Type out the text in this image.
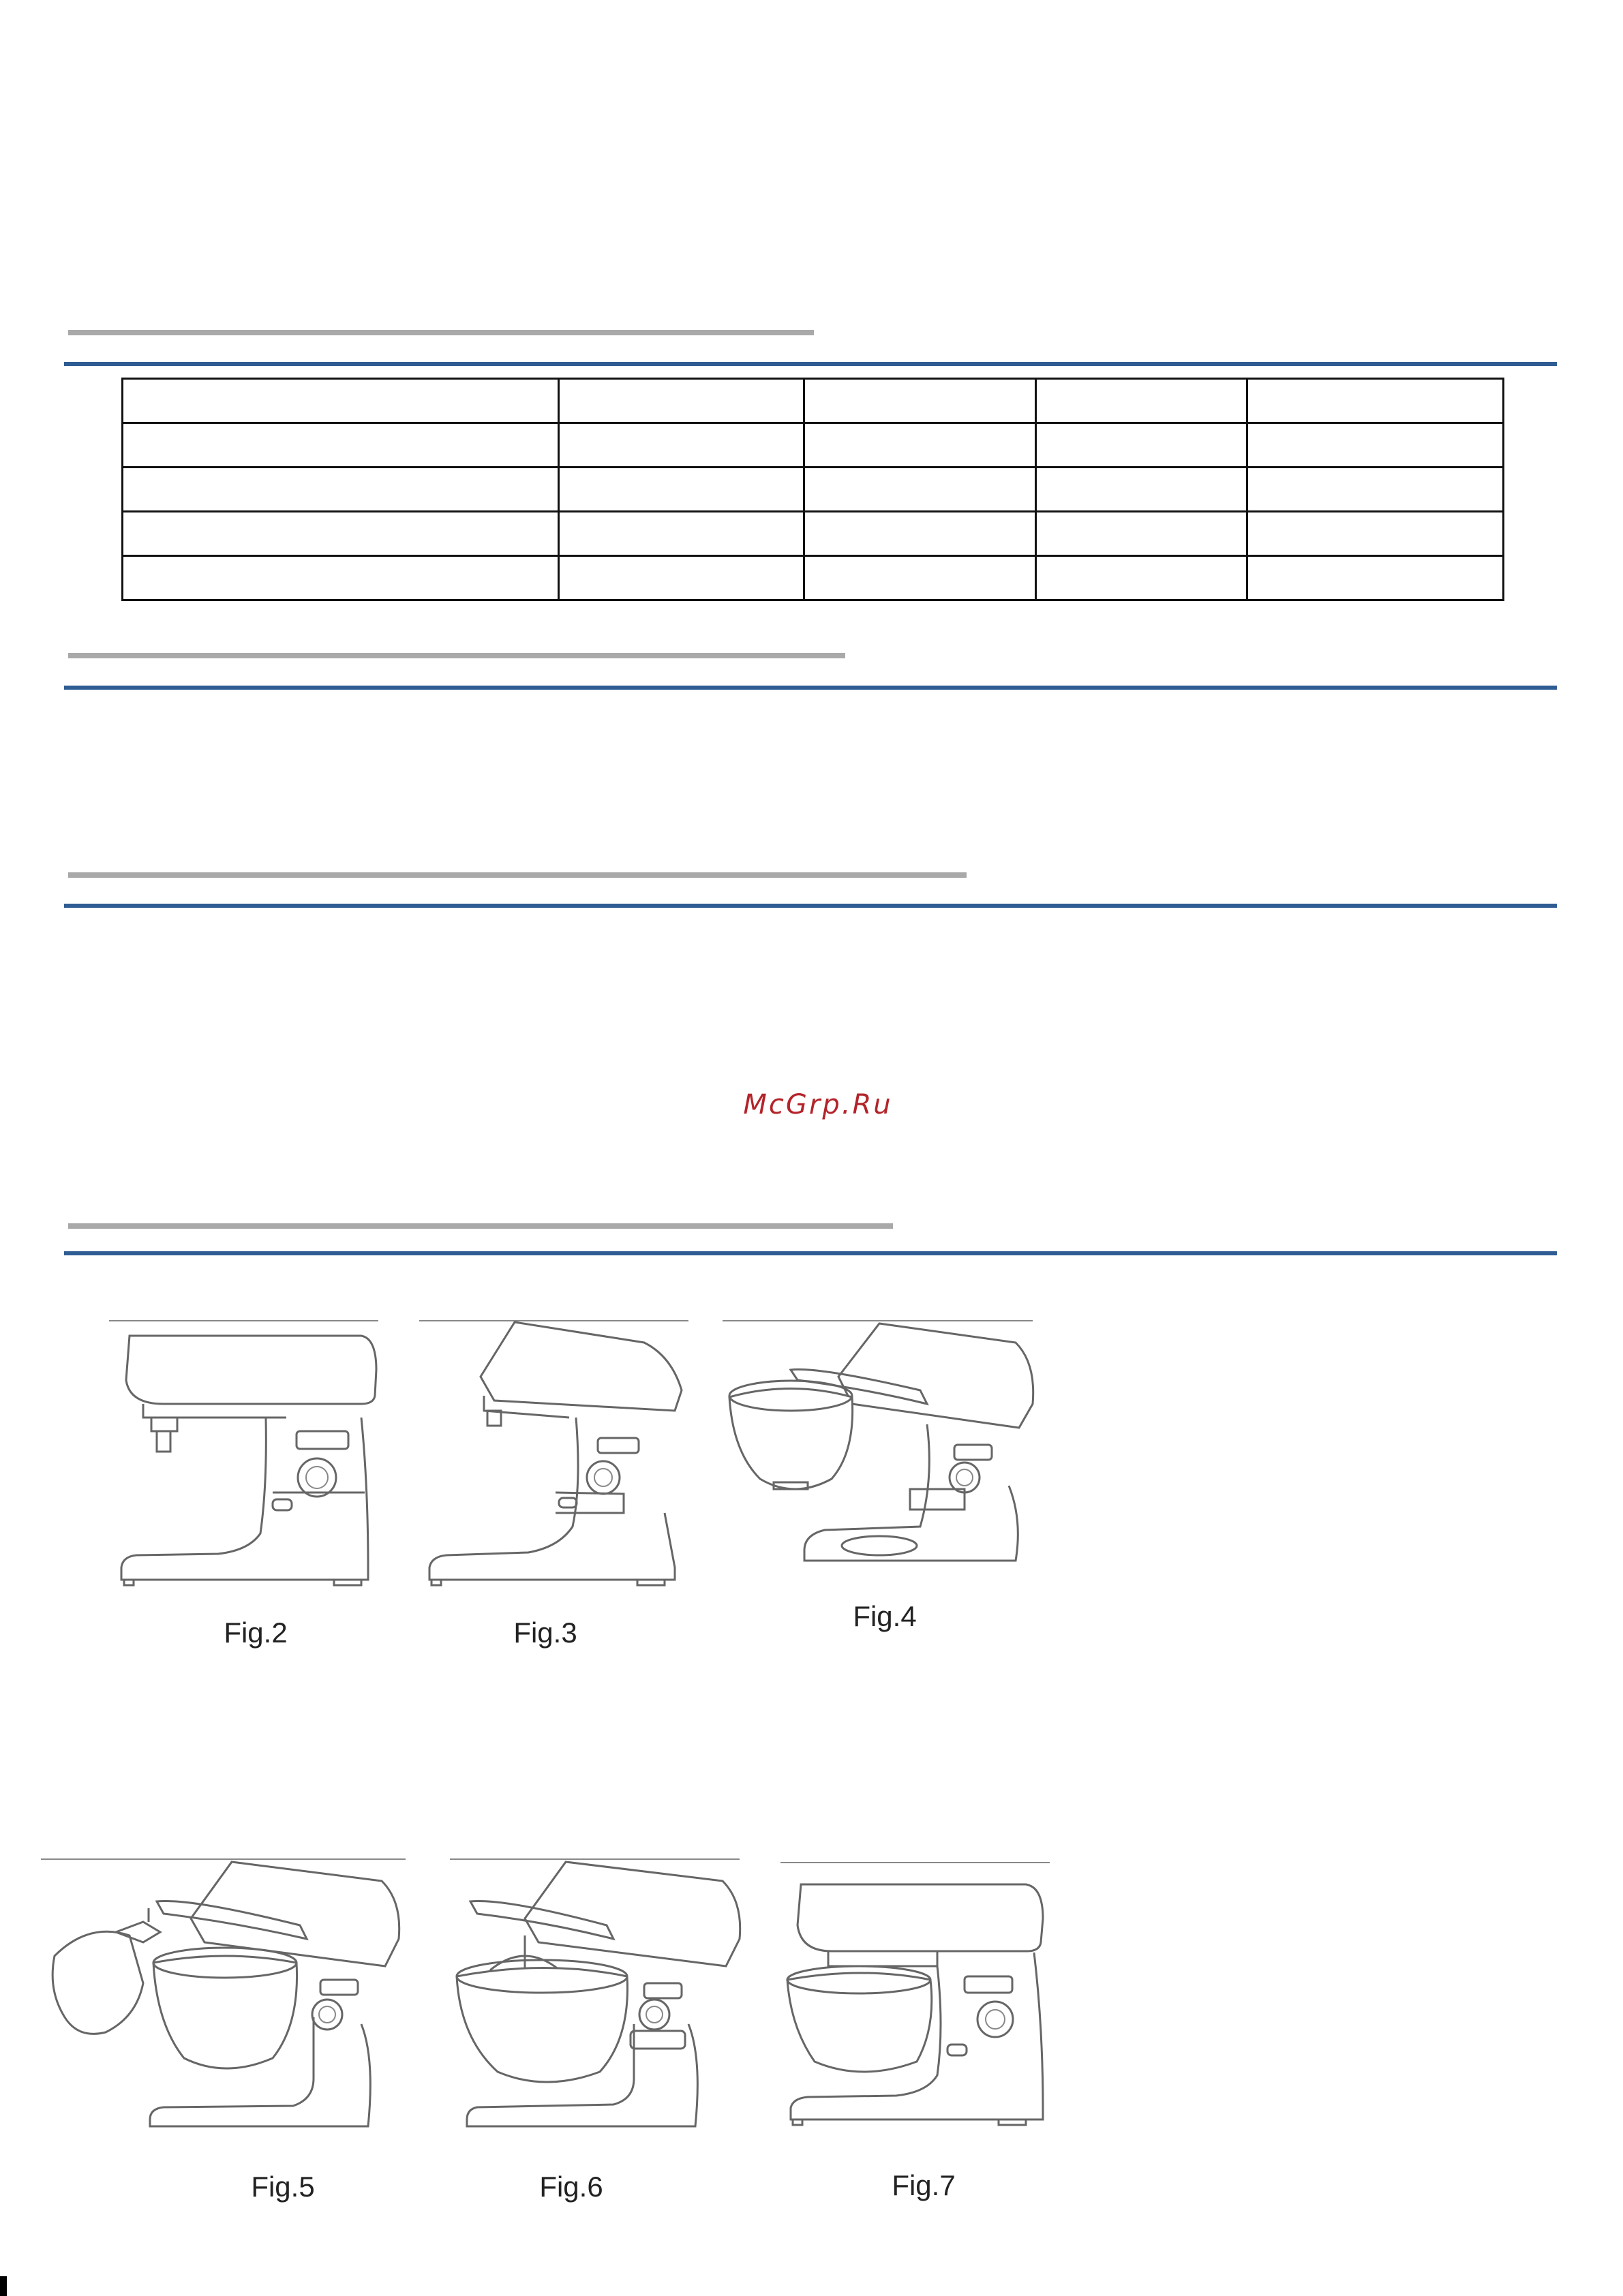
McGrp.Ru
Fig.2	Fig.3
Fig.4
Fig.5	Fig.6	Fig.7
